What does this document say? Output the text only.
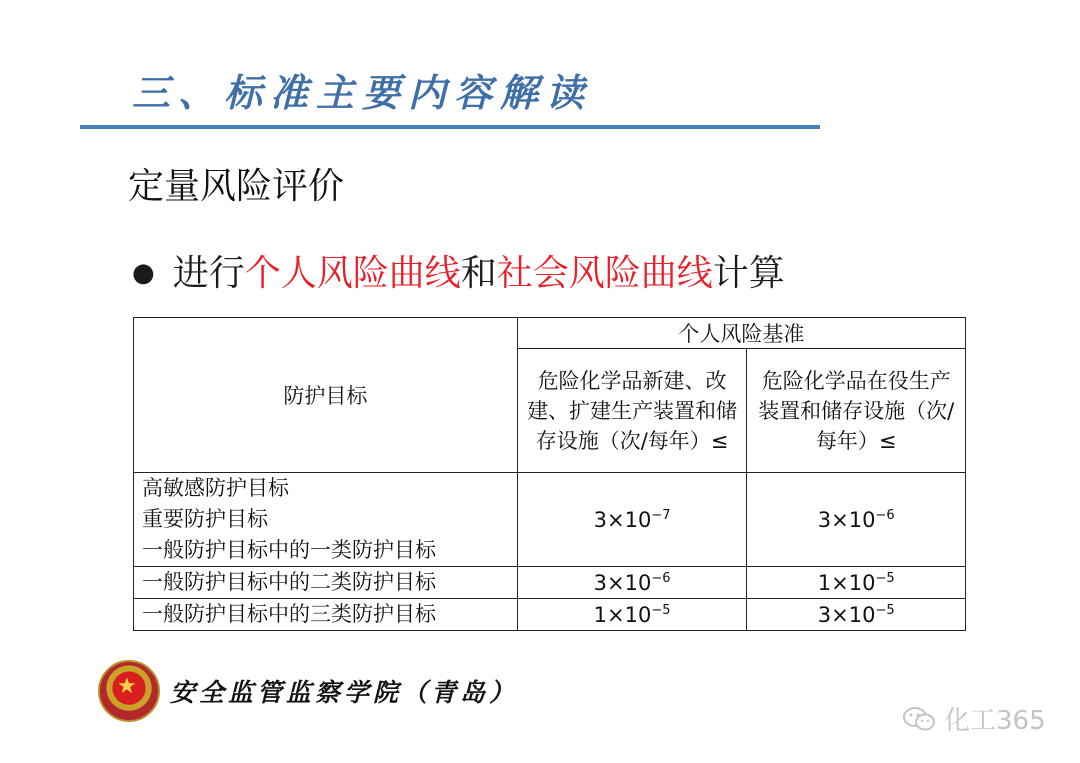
三、标准主要内容解读
定量风险评价
● 进行个人风险曲线和社会风险曲线计算
防护目标	个人风险基准	
	危险化学品新建、改建、扩建生产装置和储存设施（次/每年）≤	危险化学品在役生产装置和储存设施（次/每年）≤

高敏感防护目标
重要防护目标
一般防护目标中的一类防护目标	$3\times 10^{-7}$	$3\times 10^{-6}$

一般防护目标中的二类防护目标	$3\times 10^{-6}$	$1\times 10^{-5}$

一般防护目标中的三类防护目标	$1\times 10^{-5}$	$3\times 10^{-5}$
★
安全监管监察学院（青岛）
化工365
